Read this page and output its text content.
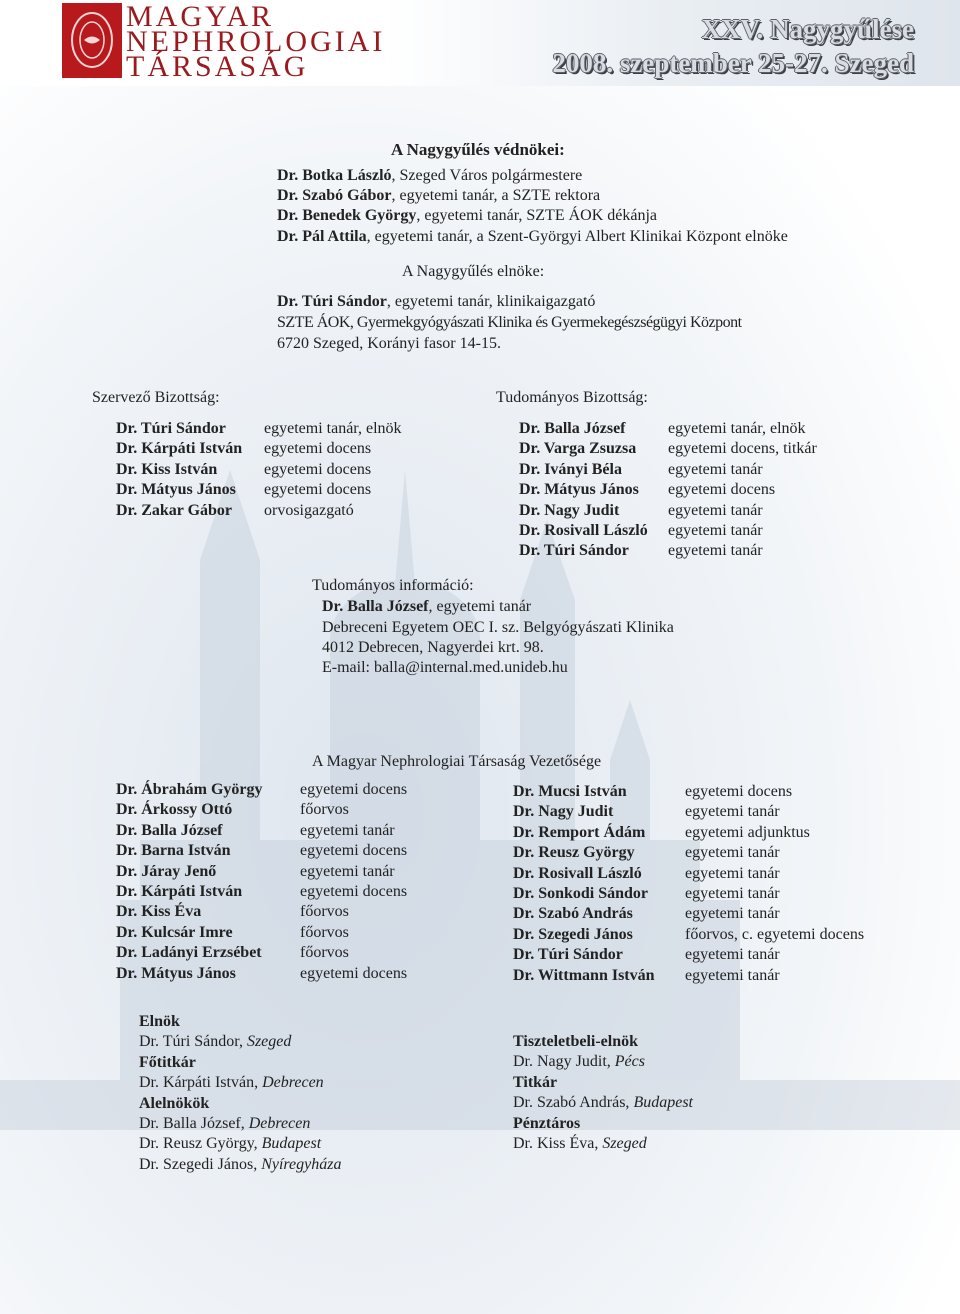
MAGYAR
NEPHROLOGIAI
TÁRSASÁG
XXV. Nagygyűlése
2008. szeptember 25-27. Szeged
A Nagygyűlés védnökei:
Dr. Botka László, Szeged Város polgármestere
Dr. Szabó Gábor, egyetemi tanár, a SZTE rektora
Dr. Benedek György, egyetemi tanár, SZTE ÁOK dékánja
Dr. Pál Attila, egyetemi tanár, a Szent-Györgyi Albert Klinikai Központ elnöke
A Nagygyűlés elnöke:
Dr. Túri Sándor, egyetemi tanár, klinikaigazgató
SZTE ÁOK, Gyermekgyógyászati Klinika és Gyermekegészségügyi Központ
6720 Szeged, Korányi fasor 14-15.
Szervező Bizottság:
Dr. Túri Sándor egyetemi tanár, elnök
Dr. Kárpáti István egyetemi docens
Dr. Kiss István	egyetemi docens
Dr. Mátyus János egyetemi docens
Dr. Zakar Gábor orvosigazgató
Tudományos Bizottság:
Dr. Balla József	egyetemi tanár, elnök
Dr. Varga Zsuzsa egyetemi docens, titkár
Dr. Iványi Béla	egyetemi tanár
Dr. Mátyus János egyetemi docens
Dr. Nagy Judit	egyetemi tanár
Dr. Rosivall László egyetemi tanár
Dr. Túri Sándor egyetemi tanár
Tudományos információ:
Dr. Balla József, egyetemi tanár
Debreceni Egyetem OEC I. sz. Belgyógyászati Klinika
4012 Debrecen, Nagyerdei krt. 98.
E-mail: balla@internal.med.unideb.hu
A Magyar Nephrologiai Társaság Vezetősége
Dr. Ábrahám György egyetemi docens
Dr. Árkossy Ottó	főorvos
Dr. Balla József	egyetemi tanár
Dr. Barna István	egyetemi docens
Dr. Járay Jenő	egyetemi tanár
Dr. Kárpáti István	egyetemi docens
Dr. Kiss Éva	főorvos
Dr. Kulcsár Imre	főorvos
Dr. Ladányi Erzsébet főorvos
Dr. Mátyus János	egyetemi docens
Dr. Mucsi István	egyetemi docens
Dr. Nagy Judit	egyetemi tanár
Dr. Remport Ádám egyetemi adjunktus
Dr. Reusz György	egyetemi tanár
Dr. Rosivall László	egyetemi tanár
Dr. Sonkodi Sándor egyetemi tanár
Dr. Szabó András	egyetemi tanár
Dr. Szegedi János	főorvos, c. egyetemi docens
Dr. Túri Sándor	egyetemi tanár
Dr. Wittmann István egyetemi tanár
Elnök
Dr. Túri Sándor, Szeged
Főtitkár
Dr. Kárpáti István, Debrecen
Alelnökök
Dr. Balla József, Debrecen
Dr. Reusz György, Budapest
Dr. Szegedi János, Nyíregyháza
Tiszteletbeli-elnök
Dr. Nagy Judit, Pécs
Titkár
Dr. Szabó András, Budapest
Pénztáros
Dr. Kiss Éva, Szeged
